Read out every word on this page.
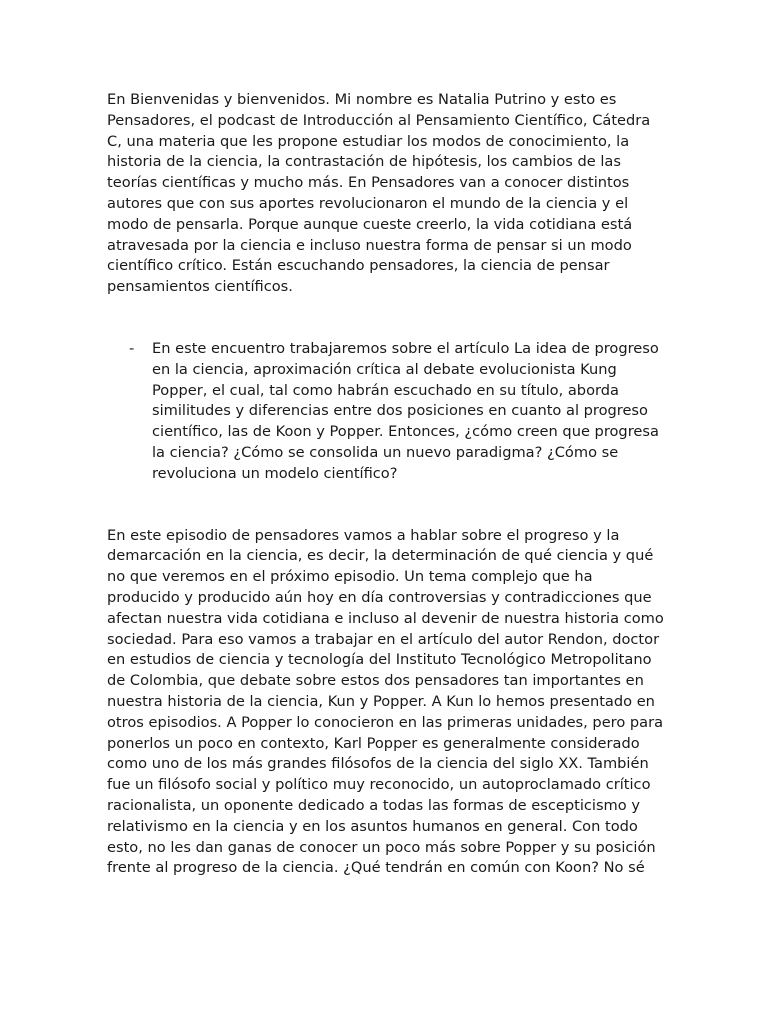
En Bienvenidas y bienvenidos. Mi nombre es Natalia Putrino y esto es Pensadores, el podcast de Introducción al Pensamiento Científico, Cátedra C, una materia que les propone estudiar los modos de conocimiento, la historia de la ciencia, la contrastación de hipótesis, los cambios de las teorías científicas y mucho más. En Pensadores van a conocer distintos autores que con sus aportes revolucionaron el mundo de la ciencia y el modo de pensarla. Porque aunque cueste creerlo, la vida cotidiana está atravesada por la ciencia e incluso nuestra forma de pensar si un modo científico crítico. Están escuchando pensadores, la ciencia de pensar pensamientos científicos.

- En este encuentro trabajaremos sobre el artículo La idea de progreso en la ciencia, aproximación crítica al debate evolucionista Kung Popper, el cual, tal como habrán escuchado en su título, aborda similitudes y diferencias entre dos posiciones en cuanto al progreso científico, las de Koon y Popper. Entonces, ¿cómo creen que progresa la ciencia? ¿Cómo se consolida un nuevo paradigma? ¿Cómo se revoluciona un modelo científico?

En este episodio de pensadores vamos a hablar sobre el progreso y la demarcación en la ciencia, es decir, la determinación de qué ciencia y qué no que veremos en el próximo episodio. Un tema complejo que ha producido y producido aún hoy en día controversias y contradicciones que afectan nuestra vida cotidiana e incluso al devenir de nuestra historia como sociedad. Para eso vamos a trabajar en el artículo del autor Rendon, doctor en estudios de ciencia y tecnología del Instituto Tecnológico Metropolitano de Colombia, que debate sobre estos dos pensadores tan importantes en nuestra historia de la ciencia, Kun y Popper. A Kun lo hemos presentado en otros episodios. A Popper lo conocieron en las primeras unidades, pero para ponerlos un poco en contexto, Karl Popper es generalmente considerado como uno de los más grandes filósofos de la ciencia del siglo XX. También fue un filósofo social y político muy reconocido, un autoproclamado crítico racionalista, un oponente dedicado a todas las formas de escepticismo y relativismo en la ciencia y en los asuntos humanos en general. Con todo esto, no les dan ganas de conocer un poco más sobre Popper y su posición frente al progreso de la ciencia. ¿Qué tendrán en común con Koon? No sé
